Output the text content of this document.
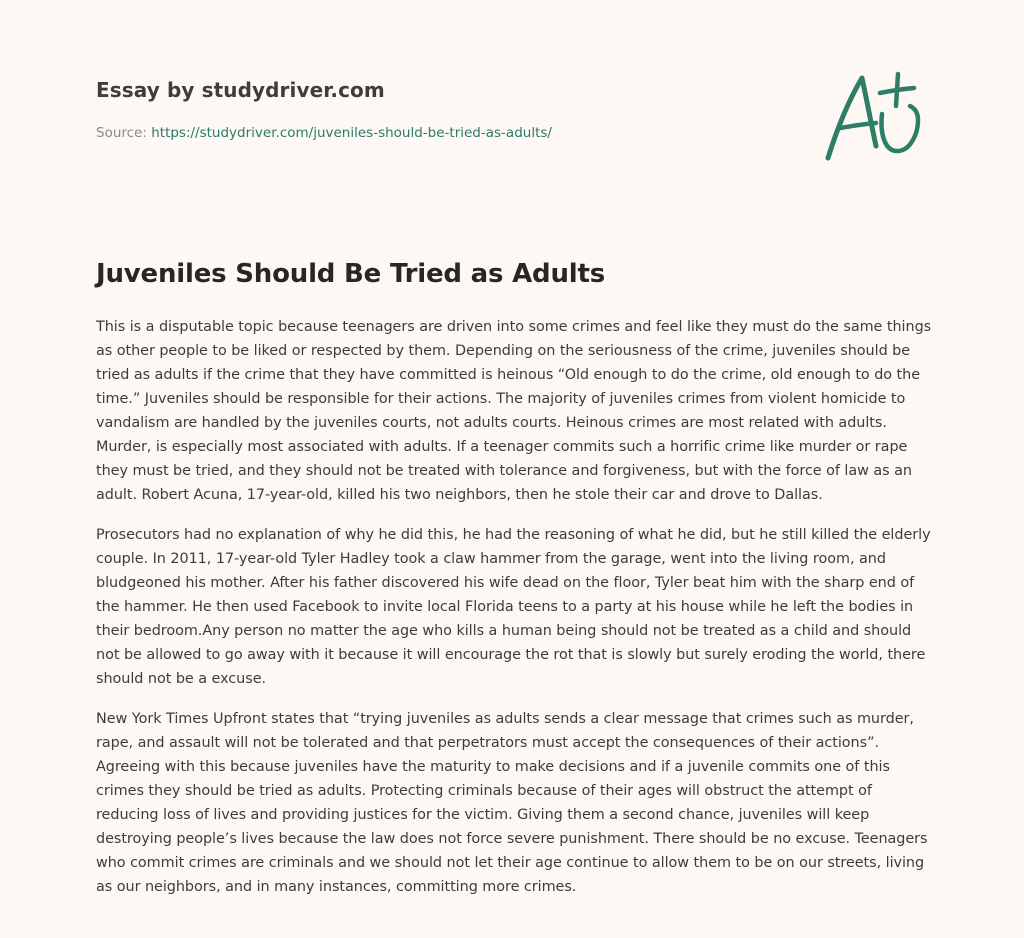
Essay by studydriver.com
Source: https://studydriver.com/juveniles-should-be-tried-as-adults/
Juveniles Should Be Tried as Adults

This is a disputable topic because teenagers are driven into some crimes and feel like they must do the same things as other people to be liked or respected by them. Depending on the seriousness of the crime, juveniles should be tried as adults if the crime that they have committed is heinous “Old enough to do the crime, old enough to do the time.” Juveniles should be responsible for their actions. The majority of juveniles crimes from violent homicide to vandalism are handled by the juveniles courts, not adults courts. Heinous crimes are most related with adults. Murder, is especially most associated with adults. If a teenager commits such a horrific crime like murder or rape they must be tried, and they should not be treated with tolerance and forgiveness, but with the force of law as an adult. Robert Acuna, 17-year-old, killed his two neighbors, then he stole their car and drove to Dallas.

Prosecutors had no explanation of why he did this, he had the reasoning of what he did, but he still killed the elderly couple. In 2011, 17-year-old Tyler Hadley took a claw hammer from the garage, went into the living room, and bludgeoned his mother. After his father discovered his wife dead on the floor, Tyler beat him with the sharp end of the hammer. He then used Facebook to invite local Florida teens to a party at his house while he left the bodies in their bedroom.Any person no matter the age who kills a human being should not be treated as a child and should not be allowed to go away with it because it will encourage the rot that is slowly but surely eroding the world, there should not be a excuse.

New York Times Upfront states that “trying juveniles as adults sends a clear message that crimes such as murder, rape, and assault will not be tolerated and that perpetrators must accept the consequences of their actions”. Agreeing with this because juveniles have the maturity to make decisions and if a juvenile commits one of this crimes they should be tried as adults. Protecting criminals because of their ages will obstruct the attempt of reducing loss of lives and providing justices for the victim. Giving them a second chance, juveniles will keep destroying people’s lives because the law does not force severe punishment. There should be no excuse. Teenagers who commit crimes are criminals and we should not let their age continue to allow them to be on our streets, living as our neighbors, and in many instances, committing more crimes.
